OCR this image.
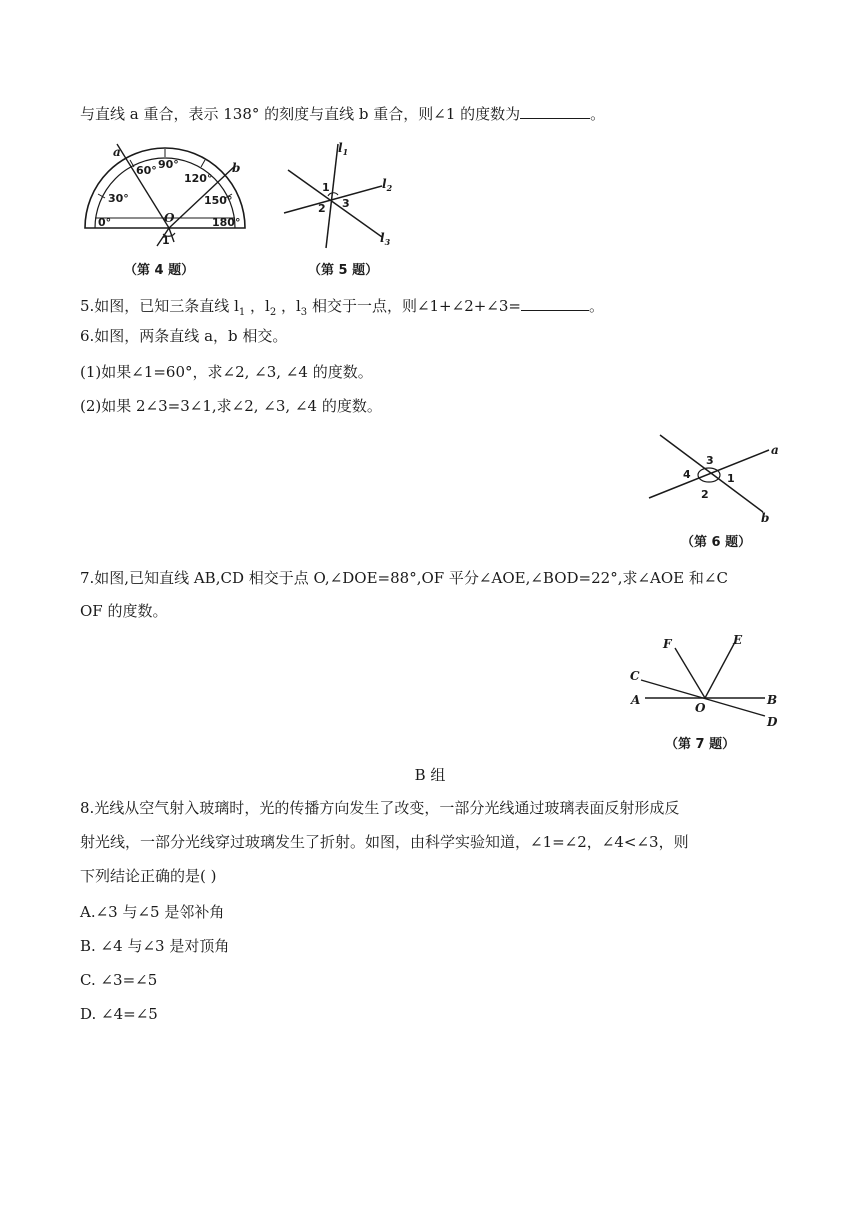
与直线 a 重合，表示 138° 的刻度与直线 b 重合，则∠1 的度数为	。
0°
30°
60° 90°
120°
150°
180°
a
b
O
1
（第 4 题）
$l_1$
$l_2$
$l_3$
1
2 3
（第 5 题）
5.如图，已知三条直线 $l_1$ ，$l_2$ ，$l_3$ 相交于一点，则∠1+∠2+∠3=	。
6.如图，两条直线 a，b 相交。
(1)如果∠1=60°，求∠2, ∠3, ∠4 的度数。
(2)如果 2∠3=3∠1,求∠2, ∠3, ∠4 的度数。
a
b
1
2
3
4
（第 6 题）
7.如图,已知直线 AB,CD 相交于点 O,∠DOE=88°,OF 平分∠AOE,∠BOD=22°,求∠AOE 和∠C
OF 的度数。
A	B
C
D
E
F
O
（第 7 题）
B 组
8.光线从空气射入玻璃时，光的传播方向发生了改变，一部分光线通过玻璃表面反射形成反
射光线，一部分光线穿过玻璃发生了折射。如图，由科学实验知道，∠1=∠2，∠4<∠3，则
下列结论正确的是( )
A.∠3 与∠5 是邻补角
B. ∠4 与∠3 是对顶角
C. ∠3=∠5
D. ∠4=∠5
